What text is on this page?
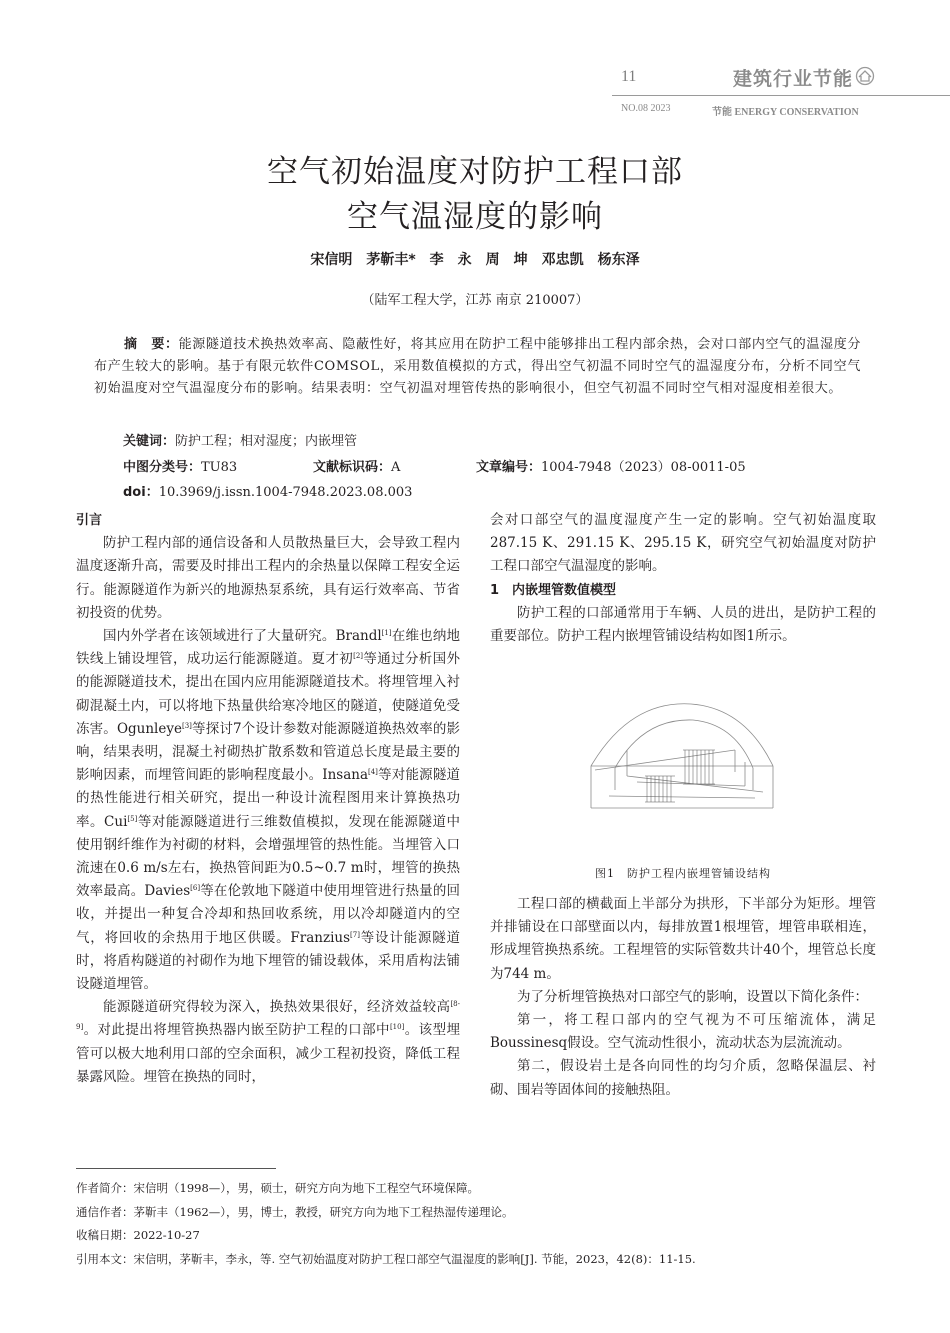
11	建筑行业节能
NO.08 2023	节能 ENERGY CONSERVATION
空气初始温度对防护工程口部
空气温湿度的影响
宋信明　茅靳丰*　李　永　周　坤　邓忠凯　杨东泽
（陆军工程大学，江苏 南京 210007）
摘　要：能源隧道技术换热效率高、隐蔽性好，将其应用在防护工程中能够排出工程内部余热，会对口部内空气的温湿度分布产生较大的影响。基于有限元软件COMSOL，采用数值模拟的方式，得出空气初温不同时空气的温湿度分布，分析不同空气初始温度对空气温湿度分布的影响。结果表明：空气初温对埋管传热的影响很小，但空气初温不同时空气相对湿度相差很大。
关键词：防护工程；相对湿度；内嵌埋管
中图分类号：TU83	文献标识码：A	文章编号：1004-7948（2023）08-0011-05
doi：10.3969/j.issn.1004-7948.2023.08.003

引言

防护工程内部的通信设备和人员散热量巨大，会导致工程内温度逐渐升高，需要及时排出工程内的余热量以保障工程安全运行。能源隧道作为新兴的地源热泵系统，具有运行效率高、节省初投资的优势。

国内外学者在该领域进行了大量研究。Brandl[1]在维也纳地铁线上铺设埋管，成功运行能源隧道。夏才初[2]等通过分析国外的能源隧道技术，提出在国内应用能源隧道技术。将埋管埋入衬砌混凝土内，可以将地下热量供给寒冷地区的隧道，使隧道免受冻害。Ogunleye[3]等探讨7个设计参数对能源隧道换热效率的影响，结果表明，混凝土衬砌热扩散系数和管道总长度是最主要的影响因素，而埋管间距的影响程度最小。Insana[4]等对能源隧道的热性能进行相关研究，提出一种设计流程图用来计算换热功率。Cui[5]等对能源隧道进行三维数值模拟，发现在能源隧道中使用钢纤维作为衬砌的材料，会增强埋管的热性能。当埋管入口流速在0.6 m/s左右，换热管间距为0.5~0.7 m时，埋管的换热效率最高。Davies[6]等在伦敦地下隧道中使用埋管进行热量的回收，并提出一种复合冷却和热回收系统，用以冷却隧道内的空气，将回收的余热用于地区供暖。Franzius[7]等设计能源隧道时，将盾构隧道的衬砌作为地下埋管的铺设载体，采用盾构法铺设隧道埋管。

能源隧道研究得较为深入，换热效果很好，经济效益较高[8-9]。对此提出将埋管换热器内嵌至防护工程的口部中[10]。该型埋管可以极大地利用口部的空余面积，减少工程初投资，降低工程暴露风险。埋管在换热的同时，

会对口部空气的温度湿度产生一定的影响。空气初始温度取287.15 K、291.15 K、295.15 K，研究空气初始温度对防护工程口部空气温湿度的影响。

1　内嵌埋管数值模型

防护工程的口部通常用于车辆、人员的进出，是防护工程的重要部位。防护工程内嵌埋管铺设结构如图1所示。

图1　防护工程内嵌埋管铺设结构

工程口部的横截面上半部分为拱形，下半部分为矩形。埋管并排铺设在口部壁面以内，每排放置1根埋管，埋管串联相连，形成埋管换热系统。工程埋管的实际管数共计40个，埋管总长度为744 m。

为了分析埋管换热对口部空气的影响，设置以下简化条件：

第一，将工程口部内的空气视为不可压缩流体，满足Boussinesq假设。空气流动性很小，流动状态为层流流动。

第二，假设岩土是各向同性的均匀介质，忽略保温层、衬砌、围岩等固体间的接触热阻。

作者简介：宋信明（1998—），男，硕士，研究方向为地下工程空气环境保障。
通信作者：茅靳丰（1962—），男，博士，教授，研究方向为地下工程热湿传递理论。
收稿日期：2022-10-27
引用本文：宋信明，茅靳丰，李永，等. 空气初始温度对防护工程口部空气温湿度的影响[J]. 节能，2023，42(8)：11-15.
